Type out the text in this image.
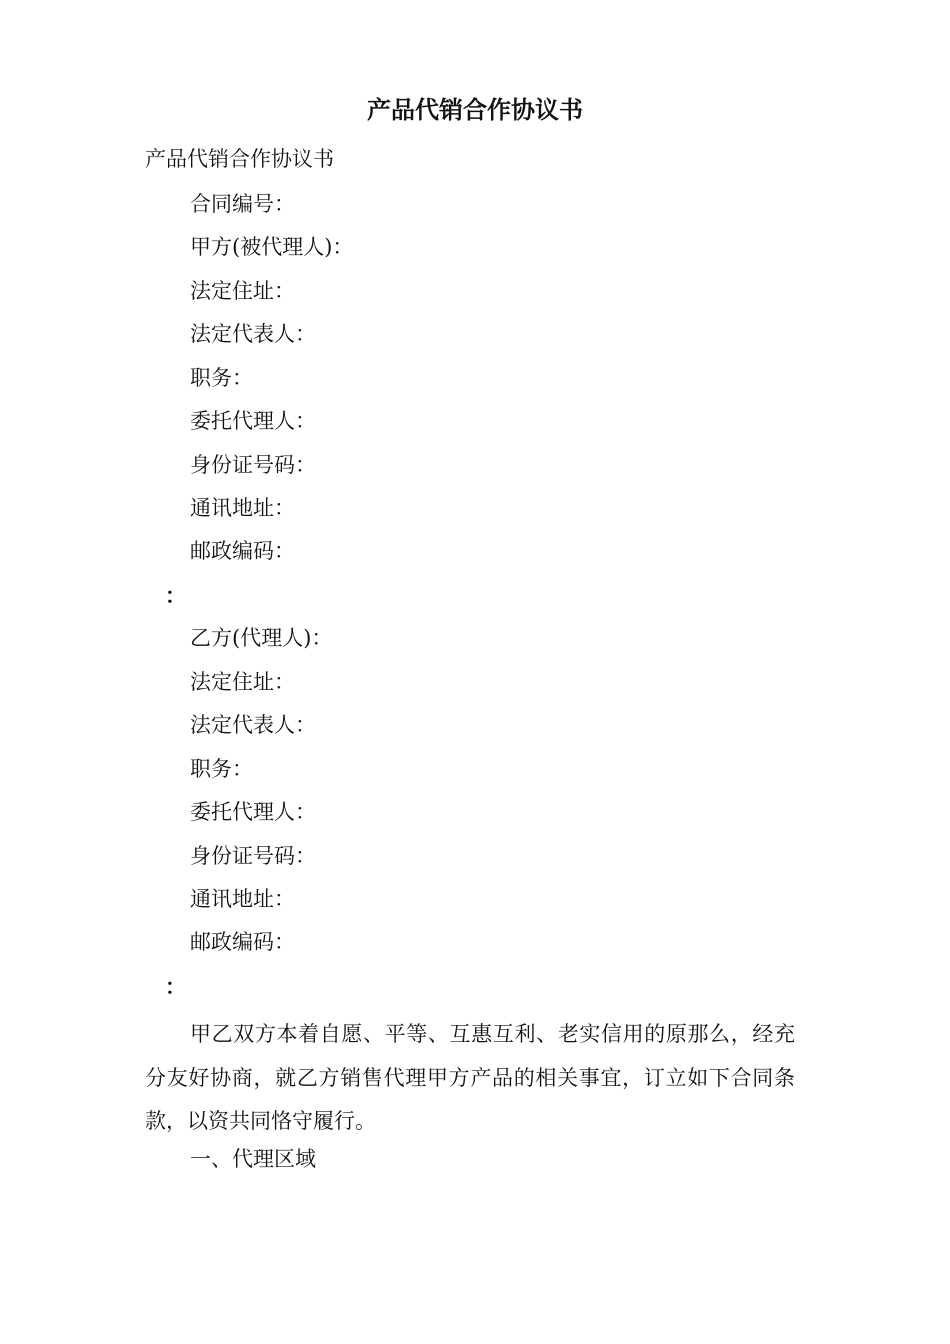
产品代销合作协议书
产品代销合作协议书
合同编号：
甲方(被代理人)：
法定住址：
法定代表人：
职务：
委托代理人：
身份证号码：
通讯地址：
邮政编码：
：
乙方(代理人)：
法定住址：
法定代表人：
职务：
委托代理人：
身份证号码：
通讯地址：
邮政编码：
：
甲乙双方本着自愿、平等、互惠互利、老实信用的原那么，经充分友好协商，就乙方销售代理甲方产品的相关事宜，订立如下合同条款，以资共同恪守履行。
一、代理区域
